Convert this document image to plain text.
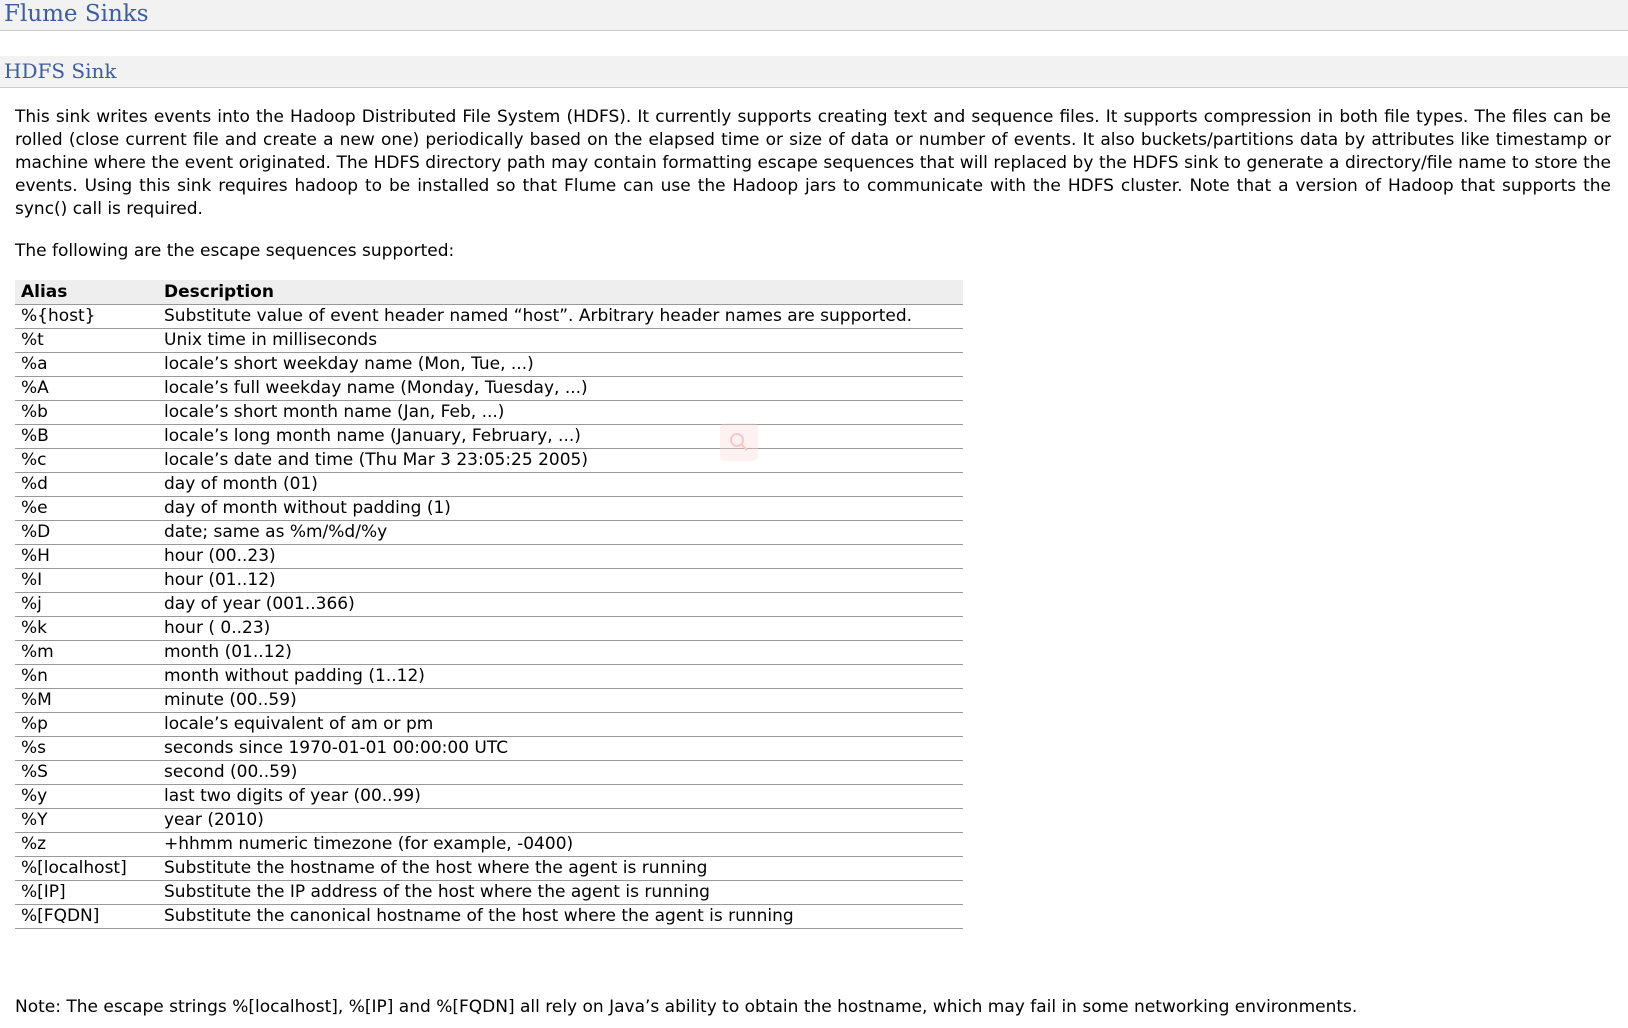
Flume Sinks
HDFS Sink

This sink writes events into the Hadoop Distributed File System (HDFS). It currently supports creating text and sequence files. It supports compression in both file types. The files can be rolled (close current file and create a new one) periodically based on the elapsed time or size of data or number of events. It also buckets/partitions data by attributes like timestamp or machine where the event originated. The HDFS directory path may contain formatting escape sequences that will replaced by the HDFS sink to generate a directory/file name to store the events. Using this sink requires hadoop to be installed so that Flume can use the Hadoop jars to communicate with the HDFS cluster. Note that a version of Hadoop that supports the sync() call is required.

The following are the escape sequences supported:

Alias	Description
%{host}	Substitute value of event header named “host”. Arbitrary header names are supported.
%t	Unix time in milliseconds
%a	locale’s short weekday name (Mon, Tue, ...)
%A	locale’s full weekday name (Monday, Tuesday, ...)
%b	locale’s short month name (Jan, Feb, ...)
%B	locale’s long month name (January, February, ...)
%c	locale’s date and time (Thu Mar 3 23:05:25 2005)
%d	day of month (01)
%e	day of month without padding (1)
%D	date; same as %m/%d/%y
%H	hour (00..23)
%I	hour (01..12)
%j	day of year (001..366)
%k	hour ( 0..23)
%m	month (01..12)
%n	month without padding (1..12)
%M	minute (00..59)
%p	locale’s equivalent of am or pm
%s	seconds since 1970-01-01 00:00:00 UTC
%S	second (00..59)
%y	last two digits of year (00..99)
%Y	year (2010)
%z	+hhmm numeric timezone (for example, -0400)
%[localhost]	Substitute the hostname of the host where the agent is running
%[IP]	Substitute the IP address of the host where the agent is running
%[FQDN]	Substitute the canonical hostname of the host where the agent is running

Note: The escape strings %[localhost], %[IP] and %[FQDN] all rely on Java’s ability to obtain the hostname, which may fail in some networking environments.
